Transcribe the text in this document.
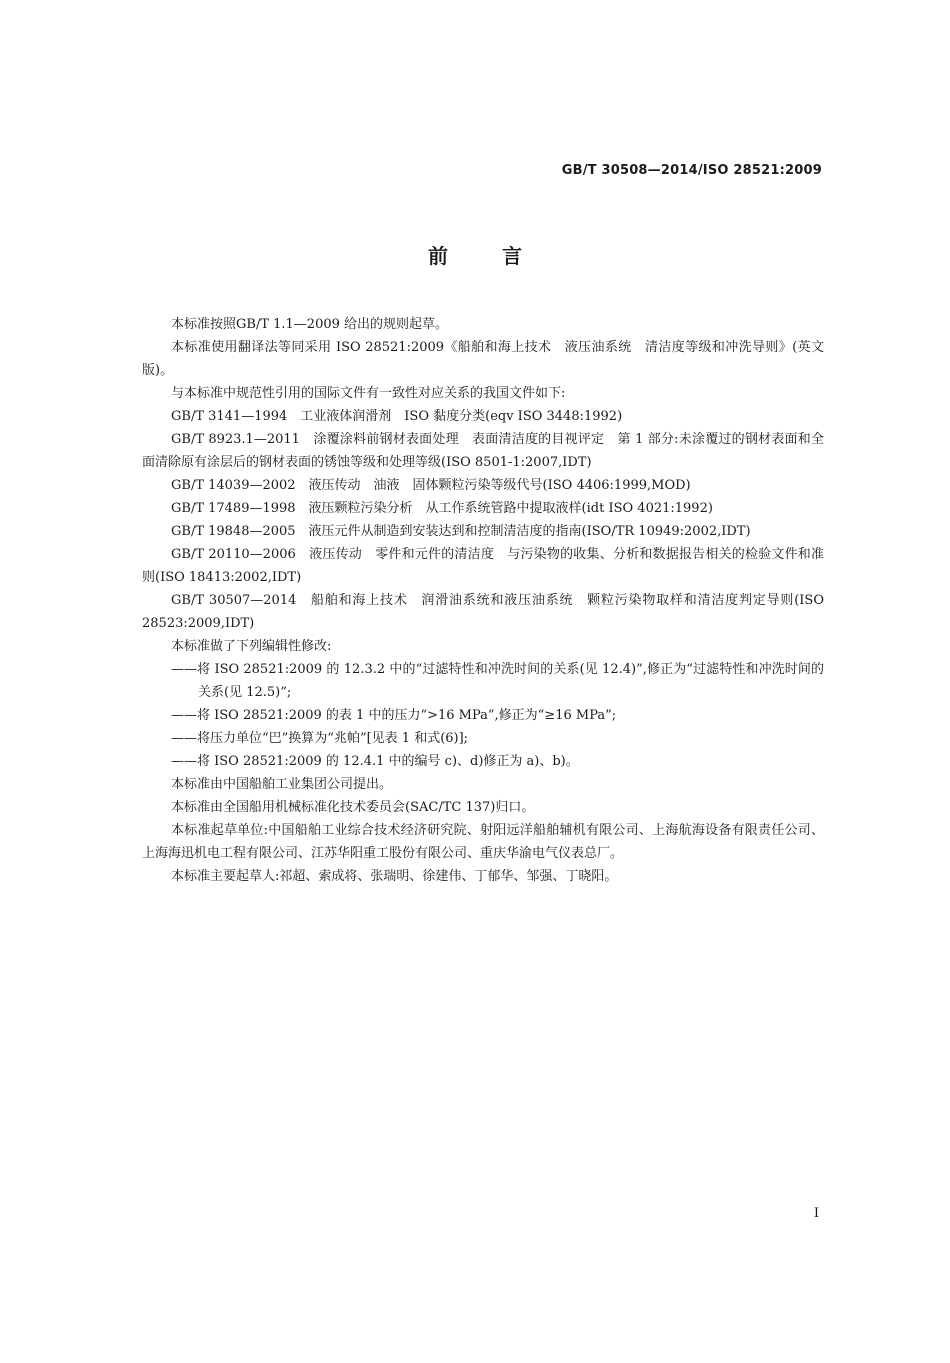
GB/T 30508—2014/ISO 28521:2009
前言

本标准按照GB/T 1.1—2009 给出的规则起草。

本标准使用翻译法等同采用 ISO 28521:2009《船舶和海上技术　液压油系统　清洁度等级和冲洗导则》(英文版)。

与本标准中规范性引用的国际文件有一致性对应关系的我国文件如下:

GB/T 3141—1994　工业液体润滑剂　ISO 黏度分类(eqv ISO 3448:1992)

GB/T 8923.1—2011　涂覆涂料前钢材表面处理　表面清洁度的目视评定　第 1 部分:未涂覆过的钢材表面和全面清除原有涂层后的钢材表面的锈蚀等级和处理等级(ISO 8501-1:2007,IDT)

GB/T 14039—2002　液压传动　油液　固体颗粒污染等级代号(ISO 4406:1999,MOD)

GB/T 17489—1998　液压颗粒污染分析　从工作系统管路中提取液样(idt ISO 4021:1992)

GB/T 19848—2005　液压元件从制造到安装达到和控制清洁度的指南(ISO/TR 10949:2002,IDT)

GB/T 20110—2006　液压传动　零件和元件的清洁度　与污染物的收集、分析和数据报告相关的检验文件和准则(ISO 18413:2002,IDT)

GB/T 30507—2014　船舶和海上技术　润滑油系统和液压油系统　颗粒污染物取样和清洁度判定导则(ISO 28523:2009,IDT)

本标准做了下列编辑性修改:

——将 ISO 28521:2009 的 12.3.2 中的“过滤特性和冲洗时间的关系(见 12.4)”,修正为“过滤特性和冲洗时间的关系(见 12.5)”;

——将 ISO 28521:2009 的表 1 中的压力“>16 MPa”,修正为“≥16 MPa”;

——将压力单位“巴”换算为“兆帕”[见表 1 和式(6)];

——将 ISO 28521:2009 的 12.4.1 中的编号 c)、d)修正为 a)、b)。

本标准由中国船舶工业集团公司提出。

本标准由全国船用机械标准化技术委员会(SAC/TC 137)归口。

本标准起草单位:中国船舶工业综合技术经济研究院、射阳远洋船舶辅机有限公司、上海航海设备有限责任公司、上海海迅机电工程有限公司、江苏华阳重工股份有限公司、重庆华渝电气仪表总厂。

本标准主要起草人:祁超、索成将、张瑞明、徐建伟、丁郁华、邹强、丁晓阳。

I
